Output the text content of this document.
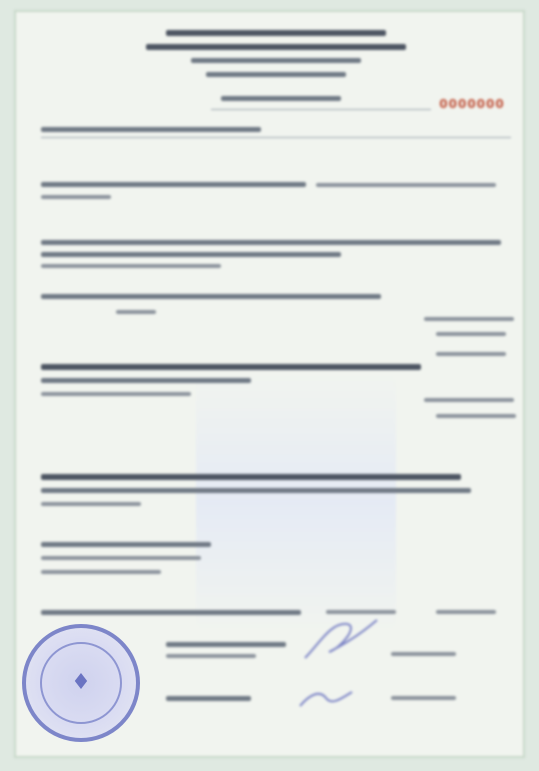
0000000
♦
